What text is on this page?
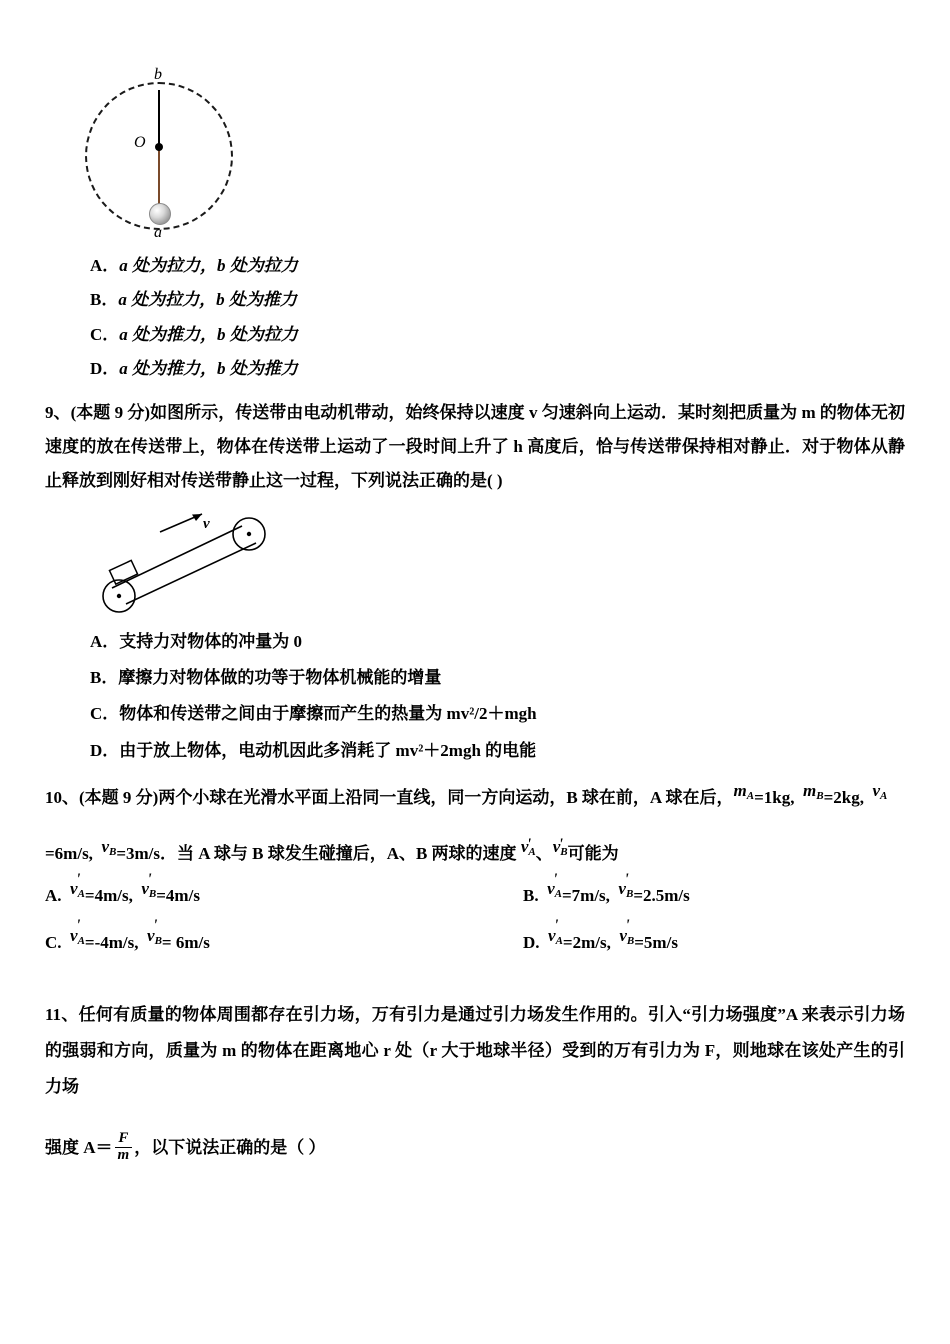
b
O
a
A．a 处为拉力，b 处为拉力
B．a 处为拉力，b 处为推力
C．a 处为推力，b 处为拉力
D．a 处为推力，b 处为推力
9、(本题 9 分)如图所示，传送带由电动机带动，始终保持以速度 v 匀速斜向上运动．某时刻把质量为 m 的物体无初速度的放在传送带上，物体在传送带上运动了一段时间上升了 h 高度后，恰与传送带保持相对静止．对于物体从静止释放到刚好相对传送带静止这一过程，下列说法正确的是( )
v
A．支持力对物体的冲量为 0
B．摩擦力对物体做的功等于物体机械能的增量
C．物体和传送带之间由于摩擦而产生的热量为 mv²/2＋mgh
D．由于放上物体，电动机因此多消耗了 mv²＋2mgh 的电能
10、(本题 9 分)两个小球在光滑水平面上沿同一直线，同一方向运动，B 球在前，A 球在后，$m_A=1kg$, $m_B=2kg$, $v_A$
=6m/s, $v_B=3m/s$．当 A 球与 B 球发生碰撞后，A、B 两球的速度 v '$_A$、v '$_B$可能为
A. v '$_A=4m/s$, v '$_B=4m/s$	B. v '$_A=7m/s$, v '$_B=2.5m/s$
C. v '$_A=-4m/s$, v '$_B= 6m/s$	D. v '$_A=2m/s$, v '$_B=5m/s$
11、任何有质量的物体周围都存在引力场，万有引力是通过引力场发生作用的。引入“引力场强度”A 来表示引力场的强弱和方向，质量为 m 的物体在距离地心 r 处（r 大于地球半径）受到的万有引力为 F，则地球在该处产生的引力场
强度 $A= \frac{F}{m}$ ，以下说法正确的是（ ）
